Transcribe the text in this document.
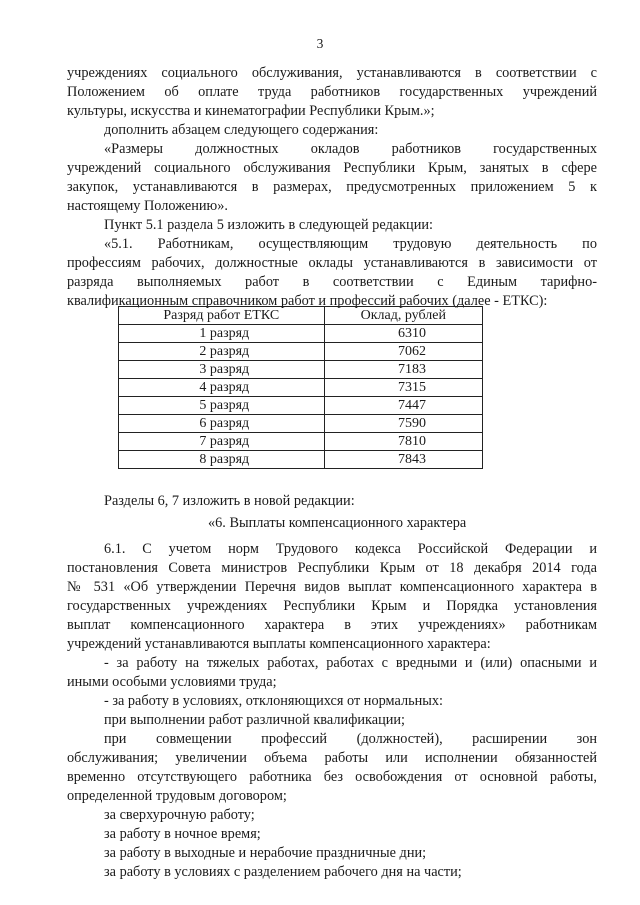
3
учреждениях социального обслуживания, устанавливаются в соответствии с
Положением об оплате труда работников государственных учреждений
культуры, искусства и кинематографии Республики Крым.»;
дополнить абзацем следующего содержания:
«Размеры должностных окладов работников государственных
учреждений социального обслуживания Республики Крым, занятых в сфере
закупок, устанавливаются в размерах, предусмотренных приложением 5 к
настоящему Положению».
Пункт 5.1 раздела 5 изложить в следующей редакции:
«5.1. Работникам, осуществляющим трудовую деятельность по
профессиям рабочих, должностные оклады устанавливаются в зависимости от
разряда выполняемых работ в соответствии с Единым тарифно-
квалификационным справочником работ и профессий рабочих (далее - ЕТКС):
Разряд работ ЕТКС	Оклад, рублей
1 разряд	6310
2 разряд	7062
3 разряд	7183
4 разряд	7315
5 разряд	7447
6 разряд	7590
7 разряд	7810
8 разряд	7843
Разделы 6, 7 изложить в новой редакции:
«6. Выплаты компенсационного характера
6.1. С учетом норм Трудового кодекса Российской Федерации и
постановления Совета министров Республики Крым от 18 декабря 2014 года
№ 531 «Об утверждении Перечня видов выплат компенсационного характера в
государственных учреждениях Республики Крым и Порядка установления
выплат компенсационного характера в этих учреждениях» работникам
учреждений устанавливаются выплаты компенсационного характера:
- за работу на тяжелых работах, работах с вредными и (или) опасными и
иными особыми условиями труда;
- за работу в условиях, отклоняющихся от нормальных:
при выполнении работ различной квалификации;
при совмещении профессий (должностей), расширении зон
обслуживания; увеличении объема работы или исполнении обязанностей
временно отсутствующего работника без освобождения от основной работы,
определенной трудовым договором;
за сверхурочную работу;
за работу в ночное время;
за работу в выходные и нерабочие праздничные дни;
за работу в условиях с разделением рабочего дня на части;
